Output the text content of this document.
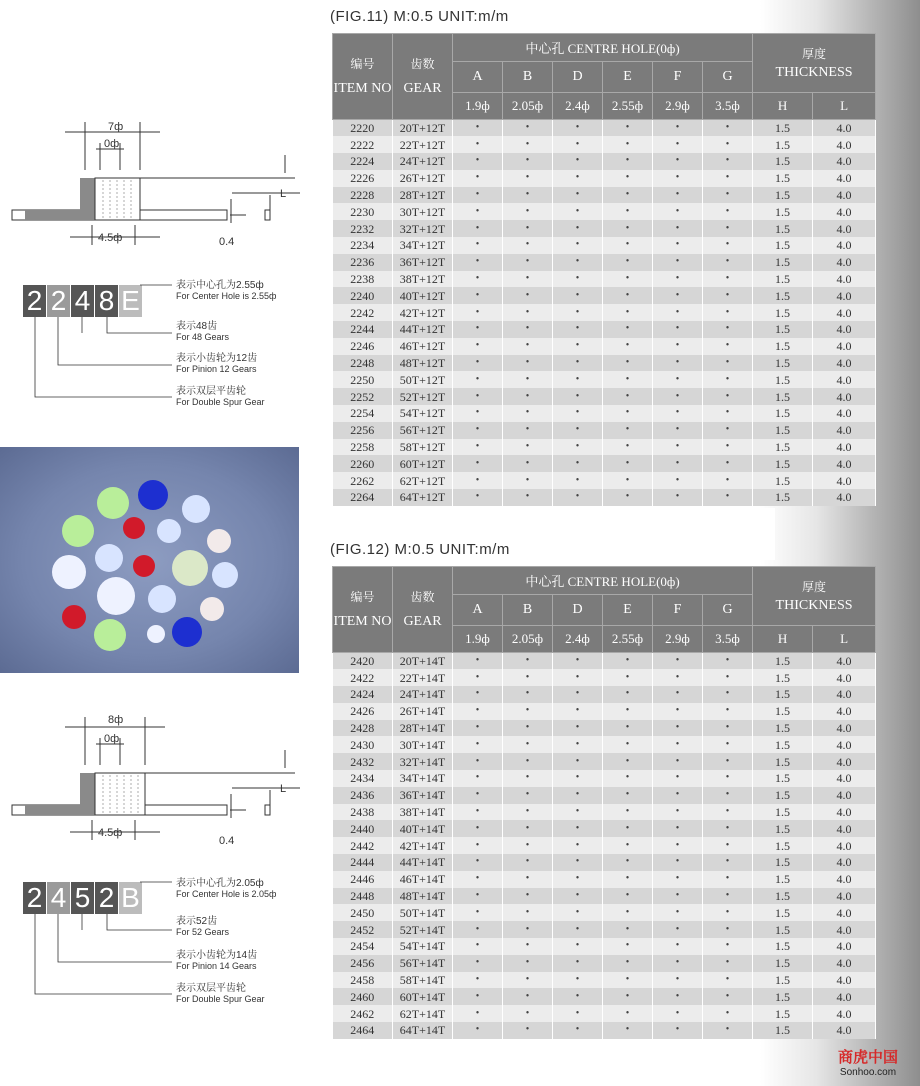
(FIG.11) M:0.5 UNIT:m/m
编号
ITEM NO	齿数
GEAR	中心孔 CENTRE HOLE(0ф)						厚度
THICKNESS	
		A	B	D	E	F	G		
		1.9ф	2.05ф	2.4ф	2.55ф	2.9ф	3.5ф	H	L
2220	20T+12T	•	•	•	•	•	•	1.5	4.0
2222	22T+12T	•	•	•	•	•	•	1.5	4.0
2224	24T+12T	•	•	•	•	•	•	1.5	4.0
2226	26T+12T	•	•	•	•	•	•	1.5	4.0
2228	28T+12T	•	•	•	•	•	•	1.5	4.0
2230	30T+12T	•	•	•	•	•	•	1.5	4.0
2232	32T+12T	•	•	•	•	•	•	1.5	4.0
2234	34T+12T	•	•	•	•	•	•	1.5	4.0
2236	36T+12T	•	•	•	•	•	•	1.5	4.0
2238	38T+12T	•	•	•	•	•	•	1.5	4.0
2240	40T+12T	•	•	•	•	•	•	1.5	4.0
2242	42T+12T	•	•	•	•	•	•	1.5	4.0
2244	44T+12T	•	•	•	•	•	•	1.5	4.0
2246	46T+12T	•	•	•	•	•	•	1.5	4.0
2248	48T+12T	•	•	•	•	•	•	1.5	4.0
2250	50T+12T	•	•	•	•	•	•	1.5	4.0
2252	52T+12T	•	•	•	•	•	•	1.5	4.0
2254	54T+12T	•	•	•	•	•	•	1.5	4.0
2256	56T+12T	•	•	•	•	•	•	1.5	4.0
2258	58T+12T	•	•	•	•	•	•	1.5	4.0
2260	60T+12T	•	•	•	•	•	•	1.5	4.0
2262	62T+12T	•	•	•	•	•	•	1.5	4.0
2264	64T+12T	•	•	•	•	•	•	1.5	4.0
(FIG.12) M:0.5 UNIT:m/m
编号
ITEM NO	齿数
GEAR	中心孔 CENTRE HOLE(0ф)						厚度
THICKNESS	
		A	B	D	E	F	G		
		1.9ф	2.05ф	2.4ф	2.55ф	2.9ф	3.5ф	H	L
2420	20T+14T	•	•	•	•	•	•	1.5	4.0
2422	22T+14T	•	•	•	•	•	•	1.5	4.0
2424	24T+14T	•	•	•	•	•	•	1.5	4.0
2426	26T+14T	•	•	•	•	•	•	1.5	4.0
2428	28T+14T	•	•	•	•	•	•	1.5	4.0
2430	30T+14T	•	•	•	•	•	•	1.5	4.0
2432	32T+14T	•	•	•	•	•	•	1.5	4.0
2434	34T+14T	•	•	•	•	•	•	1.5	4.0
2436	36T+14T	•	•	•	•	•	•	1.5	4.0
2438	38T+14T	•	•	•	•	•	•	1.5	4.0
2440	40T+14T	•	•	•	•	•	•	1.5	4.0
2442	42T+14T	•	•	•	•	•	•	1.5	4.0
2444	44T+14T	•	•	•	•	•	•	1.5	4.0
2446	46T+14T	•	•	•	•	•	•	1.5	4.0
2448	48T+14T	•	•	•	•	•	•	1.5	4.0
2450	50T+14T	•	•	•	•	•	•	1.5	4.0
2452	52T+14T	•	•	•	•	•	•	1.5	4.0
2454	54T+14T	•	•	•	•	•	•	1.5	4.0
2456	56T+14T	•	•	•	•	•	•	1.5	4.0
2458	58T+14T	•	•	•	•	•	•	1.5	4.0
2460	60T+14T	•	•	•	•	•	•	1.5	4.0
2462	62T+14T	•	•	•	•	•	•	1.5	4.0
2464	64T+14T	•	•	•	•	•	•	1.5	4.0
7ф
0ф
L
4.5ф	0.4
2 2 4 8 E	表示中心孔为2.55ф
For Center Hole is 2.55ф
表示48齿
For 48 Gears
表示小齿轮为12齿
For Pinion 12 Gears
表示双层平齿轮
For Double Spur Gear
8ф
0ф
L
4.5ф
0.4
2 4 5 2 B	表示中心孔为2.05ф
For Center Hole is 2.05ф
表示52齿
For 52 Gears
表示小齿轮为14齿
For Pinion 14 Gears
表示双层平齿轮
For Double Spur Gear
商虎中国
Sonhoo.com
